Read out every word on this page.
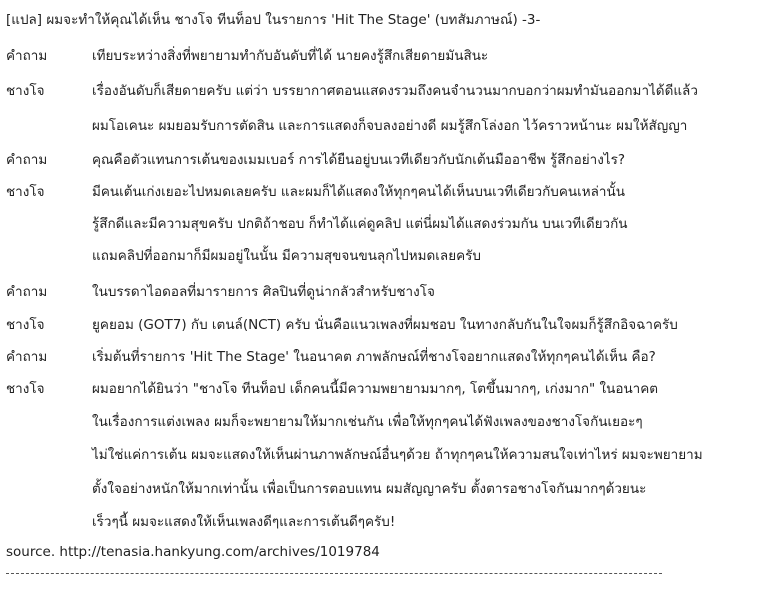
[แปล] ผมจะทำให้คุณได้เห็น ชางโจ ทีนท็อป ในรายการ 'Hit The Stage' (บทสัมภาษณ์) -3-
คำถาม	เทียบระหว่างสิ่งที่พยายามทำกับอันดับที่ได้ นายคงรู้สึกเสียดายมันสินะ
ชางโจ	เรื่องอันดับก็เสียดายครับ แต่ว่า บรรยากาศตอนแสดงรวมถึงคนจำนวนมากบอกว่าผมทำมันออกมาได้ดีแล้ว
ผมโอเคนะ ผมยอมรับการตัดสิน และการแสดงก็จบลงอย่างดี ผมรู้สึกโล่งอก ไว้คราวหน้านะ ผมให้สัญญา
คำถาม	คุณคือตัวแทนการเต้นของเมมเบอร์ การได้ยืนอยู่บนเวทีเดียวกับนักเต้นมืออาชีพ รู้สึกอย่างไร?
ชางโจ	มีคนเต้นเก่งเยอะไปหมดเลยครับ และผมก็ได้แสดงให้ทุกๆคนได้เห็นบนเวทีเดียวกับคนเหล่านั้น
รู้สึกดีและมีความสุขครับ ปกติถ้าชอบ ก็ทำได้แค่ดูคลิป แต่นี่ผมได้แสดงร่วมกัน บนเวทีเดียวกัน
แถมคลิปที่ออกมาก็มีผมอยู่ในนั้น มีความสุขจนขนลุกไปหมดเลยครับ
คำถาม	ในบรรดาไอดอลที่มารายการ ศิลปินที่ดูน่ากลัวสำหรับชางโจ
ชางโจ	ยูคยอม (GOT7) กับ เตนล์(NCT) ครับ นั่นคือแนวเพลงที่ผมชอบ ในทางกลับกันในใจผมก็รู้สึกอิจฉาครับ
คำถาม	เริ่มต้นที่รายการ 'Hit The Stage' ในอนาคต ภาพลักษณ์ที่ชางโจอยากแสดงให้ทุกๆคนได้เห็น คือ?
ชางโจ	ผมอยากได้ยินว่า "ชางโจ ทีนท็อป เด็กคนนี้มีความพยายามมากๆ, โตขึ้นมากๆ, เก่งมาก" ในอนาคต
ในเรื่องการแต่งเพลง ผมก็จะพยายามให้มากเช่นกัน เพื่อให้ทุกๆคนได้ฟังเพลงของชางโจกันเยอะๆ
ไม่ใช่แค่การเต้น ผมจะแสดงให้เห็นผ่านภาพลักษณ์อื่นๆด้วย ถ้าทุกๆคนให้ความสนใจเท่าไหร่ ผมจะพยายาม
ตั้งใจอย่างหนักให้มากเท่านั้น เพื่อเป็นการตอบแทน ผมสัญญาครับ ตั้งตารอชางโจกันมากๆด้วยนะ
เร็วๆนี้ ผมจะแสดงให้เห็นเพลงดีๆและการเต้นดีๆครับ!
source. http://tenasia.hankyung.com/archives/1019784
